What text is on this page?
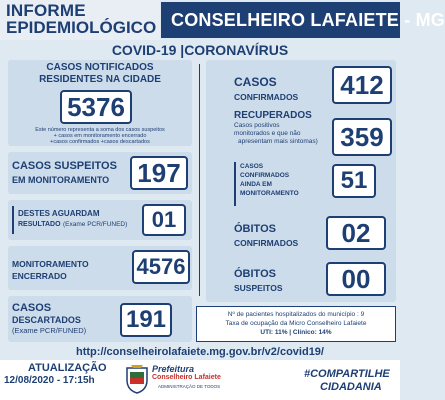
INFORME
EPIDEMIOLÓGICO CONSELHEIRO LAFAIETE - MG
COVID-19 |CORONAVÍRUS
CASOS NOTIFICADOS
RESIDENTES NA CIDADE
5376
Este número representa a soma dos casos suspeitos
+ casos em monitoramento encerrado
+casos confirmados +casos descartados
CASOS SUSPEITOS
EM MONITORAMENTO 197
DESTES AGUARDAM
RESULTADO (Exame PCR/FUNED)	01
MONITORAMENTO
ENCERRADO	4576
CASOS
DESCARTADOS
(Exame PCR/FUNED) 191
CASOS
CONFIRMADOS	412
RECUPERADOS
Casos positivos
monitorados e que não
apresentam mais sintomas) 359
CASOS
CONFIRMADOS
AINDA EM
MONITORAMENTO	51
ÓBITOS
CONFIRMADOS	02
ÓBITOS
SUSPEITOS	00
Nº de pacientes hospitalizados do município : 9
Taxa de ocupação da Micro Conselheiro Lafaiete
UTI: 11% | Clínico: 14%
http://conselheirolafaiete.mg.gov.br/v2/covid19/
ATUALIZAÇÃO
12/08/2020 - 17:15h
Prefeitura
Conselheiro Lafaiete
ADMINISTRAÇÃO DE TODOS
#COMPARTILHE
CIDADANIA
